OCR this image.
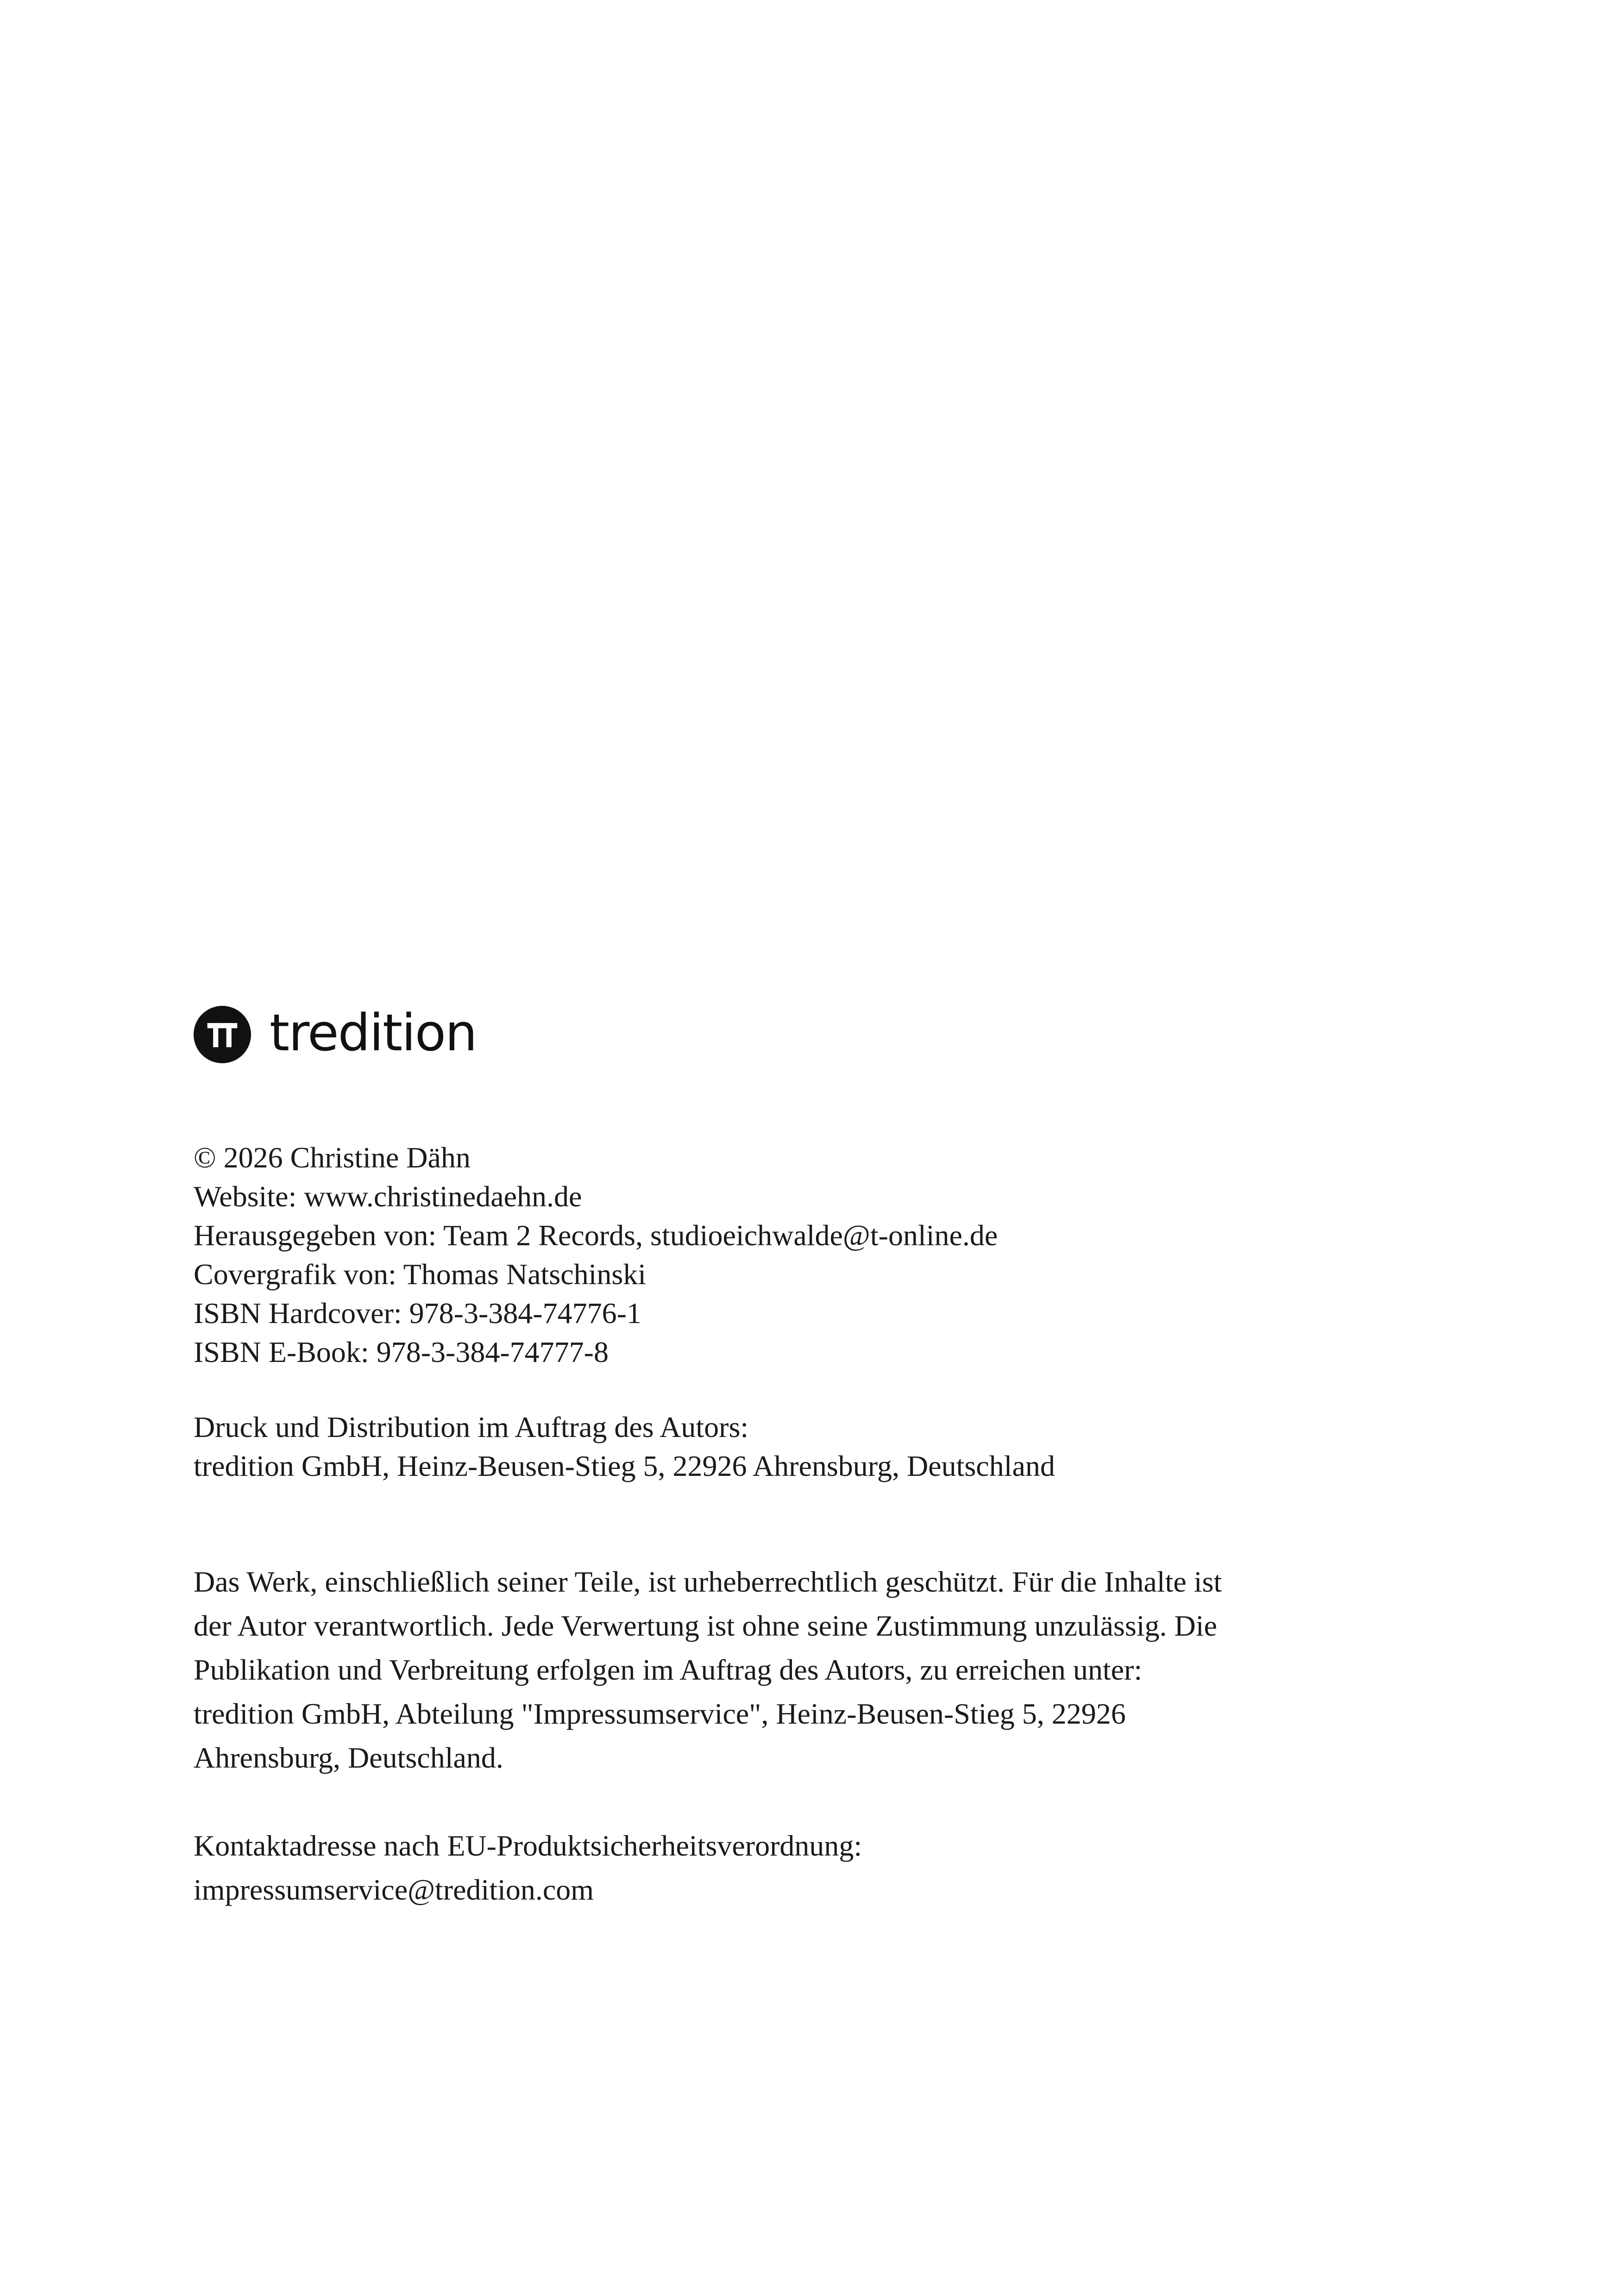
tredition
© 2026 Christine Dähn
Website: www.christinedaehn.de
Herausgegeben von: Team 2 Records, studioeichwalde@t-online.de
Covergrafik von: Thomas Natschinski
ISBN Hardcover: 978-3-384-74776-1
ISBN E-Book: 978-3-384-74777-8
Druck und Distribution im Auftrag des Autors:
tredition GmbH, Heinz-Beusen-Stieg 5, 22926 Ahrensburg, Deutschland
Das Werk, einschließlich seiner Teile, ist urheberrechtlich geschützt. Für die Inhalte ist
der Autor verantwortlich. Jede Verwertung ist ohne seine Zustimmung unzulässig. Die
Publikation und Verbreitung erfolgen im Auftrag des Autors, zu erreichen unter:
tredition GmbH, Abteilung "Impressumservice", Heinz-Beusen-Stieg 5, 22926
Ahrensburg, Deutschland.
Kontaktadresse nach EU-Produktsicherheitsverordnung:
impressumservice@tredition.com
